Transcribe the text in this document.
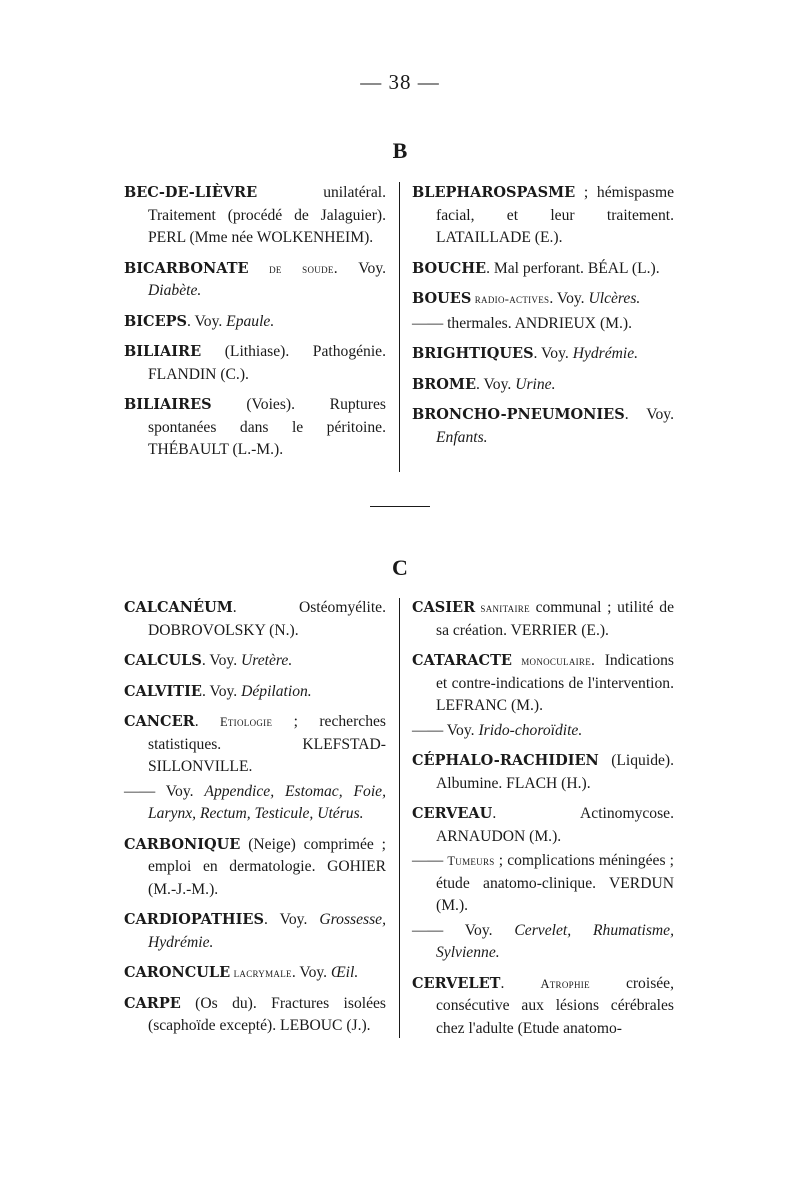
— 38 —
B
BEC-DE-LIÈVRE unilatéral. Traitement (procédé de Jalaguier). PERL (Mme née WOLKENHEIM).
BICARBONATE de soude. Voy. Diabète.
BICEPS. Voy. Epaule.
BILIAIRE (Lithiase). Pathogénie. FLANDIN (C.).
BILIAIRES (Voies). Ruptures spontanées dans le péritoine. THÉBAULT (L.-M.).
BLEPHAROSPASME ; hémispasme facial, et leur traitement. LATAILLADE (E.).
BOUCHE. Mal perforant. BÉAL (L.).
BOUES radio-actives. Voy. Ulcères.
—— thermales. ANDRIEUX (M.).
BRIGHTIQUES. Voy. Hydrémie.
BROME. Voy. Urine.
BRONCHO-PNEUMONIES. Voy. Enfants.
C
CALCANÉUM. Ostéomyélite. DOBROVOLSKY (N.).
CALCULS. Voy. Uretère.
CALVITIE. Voy. Dépilation.
CANCER. Etiologie ; recherches statistiques. KLEFSTAD-SILLONVILLE.
—— Voy. Appendice, Estomac, Foie, Larynx, Rectum, Testicule, Utérus.
CARBONIQUE (Neige) comprimée ; emploi en dermatologie. GOHIER (M.-J.-M.).
CARDIOPATHIES. Voy. Grossesse, Hydrémie.
CARONCULE lacrymale. Voy. Œil.
CARPE (Os du). Fractures isolées (scaphoïde excepté). LEBOUC (J.).
CASIER sanitaire communal ; utilité de sa création. VERRIER (E.).
CATARACTE monoculaire. Indications et contre-indications de l'intervention. LEFRANC (M.).
—— Voy. Irido-choroïdite.
CÉPHALO-RACHIDIEN (Liquide). Albumine. FLACH (H.).
CERVEAU. Actinomycose. ARNAUDON (M.).
—— Tumeurs ; complications méningées ; étude anatomo-clinique. VERDUN (M.).
—— Voy. Cervelet, Rhumatisme, Sylvienne.
CERVELET. Atrophie croisée, consécutive aux lésions cérébrales chez l'adulte (Etude anatomo-
